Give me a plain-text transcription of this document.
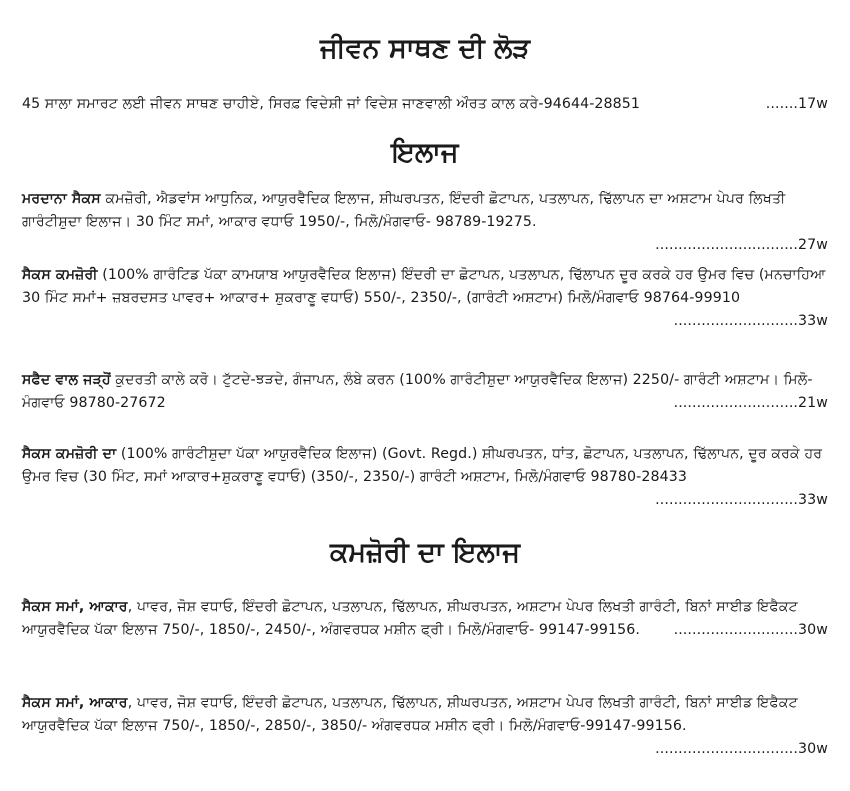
ਜੀਵਨ ਸਾਥਣ ਦੀ ਲੋੜ

45 ਸਾਲਾ ਸਮਾਰਟ ਲਈ ਜੀਵਨ ਸਾਥਣ ਚਾਹੀਏ, ਸਿਰਫ਼ ਵਿਦੇਸ਼ੀ ਜਾਂ ਵਿਦੇਸ਼ ਜਾਣਵਾਲੀ ਔਰਤ ਕਾਲ ਕਰੇ-94644-28851	.......17w

ਇਲਾਜ

ਮਰਦਾਨਾ ਸੈਕਸ ਕਮਜ਼ੋਰੀ, ਐਡਵਾਂਸ ਆਧੁਨਿਕ, ਆਯੁਰਵੈਦਿਕ ਇਲਾਜ, ਸ਼ੀਘਰਪਤਨ, ਇੰਦਰੀ ਛੋਟਾਪਨ, ਪਤਲਾਪਨ, ਢਿੱਲਾਪਨ ਦਾ ਅਸ਼ਟਾਮ ਪੇਪਰ ਲਿਖਤੀ ਗਾਰੰਟੀਸ਼ੁਦਾ ਇਲਾਜ। 30 ਮਿੰਟ ਸਮਾਂ, ਆਕਾਰ ਵਧਾਓ 1950/-, ਮਿਲੋ/ਮੰਗਵਾਓ- 98789-19275.
...............................27w

ਸੈਕਸ ਕਮਜ਼ੋਰੀ (100% ਗਾਰੰਟਿਡ ਪੱਕਾ ਕਾਮਯਾਬ ਆਯੁਰਵੈਦਿਕ ਇਲਾਜ) ਇੰਦਰੀ ਦਾ ਛੋਟਾਪਨ, ਪਤਲਾਪਨ, ਢਿੱਲਾਪਨ ਦੂਰ ਕਰਕੇ ਹਰ ਉਮਰ ਵਿਚ (ਮਨਚਾਹਿਆ 30 ਮਿੰਟ ਸਮਾਂ+ ਜ਼ਬਰਦਸਤ ਪਾਵਰ+ ਆਕਾਰ+ ਸ਼ੁਕਰਾਣੂ ਵਧਾਓ) 550/-, 2350/-, (ਗਾਰੰਟੀ ਅਸ਼ਟਾਮ) ਮਿਲੋ/ਮੰਗਵਾਓ 98764-99910
...........................33w

ਸਫੈਦ ਵਾਲ ਜੜ੍ਹੋਂ ਕੁਦਰਤੀ ਕਾਲੇ ਕਰੋ। ਟੁੱਟਦੇ-ਝੜਦੇ, ਗੰਜਾਪਨ, ਲੰਬੇ ਕਰਨ (100% ਗਾਰੰਟੀਸ਼ੁਦਾ ਆਯੁਰਵੈਦਿਕ ਇਲਾਜ) 2250/- ਗਾਰੰਟੀ ਅਸ਼ਟਾਮ। ਮਿਲੋ-ਮੰਗਵਾਓ 98780-27672	...........................21w

ਸੈਕਸ ਕਮਜ਼ੋਰੀ ਦਾ (100% ਗਾਰੰਟੀਸ਼ੁਦਾ ਪੱਕਾ ਆਯੁਰਵੈਦਿਕ ਇਲਾਜ) (Govt. Regd.) ਸ਼ੀਘਰਪਤਨ, ਧਾਂਤ, ਛੋਟਾਪਨ, ਪਤਲਾਪਨ, ਢਿੱਲਾਪਨ, ਦੂਰ ਕਰਕੇ ਹਰ ਉਮਰ ਵਿਚ (30 ਮਿੰਟ, ਸਮਾਂ ਆਕਾਰ+ਸ਼ੁਕਰਾਣੂ ਵਧਾਓ) (350/-, 2350/-) ਗਾਰੰਟੀ ਅਸ਼ਟਾਮ, ਮਿਲੋ/ਮੰਗਵਾਓ 98780-28433
...............................33w

ਕਮਜ਼ੋਰੀ ਦਾ ਇਲਾਜ

ਸੈਕਸ ਸਮਾਂ, ਆਕਾਰ, ਪਾਵਰ, ਜੋਸ਼ ਵਧਾਓ, ਇੰਦਰੀ ਛੋਟਾਪਨ, ਪਤਲਾਪਨ, ਢਿੱਲਾਪਨ, ਸ਼ੀਘਰਪਤਨ, ਅਸ਼ਟਾਮ ਪੇਪਰ ਲਿਖਤੀ ਗਾਰੰਟੀ, ਬਿਨਾਂ ਸਾਈਡ ਇਫੈਕਟ ਆਯੁਰਵੈਦਿਕ ਪੱਕਾ ਇਲਾਜ 750/-, 1850/-, 2450/-, ਅੰਗਵਰਧਕ ਮਸ਼ੀਨ ਫ੍ਰੀ। ਮਿਲੋ/ਮੰਗਵਾਓ- 99147-99156. ...........................30w

ਸੈਕਸ ਸਮਾਂ, ਆਕਾਰ, ਪਾਵਰ, ਜੋਸ਼ ਵਧਾਓ, ਇੰਦਰੀ ਛੋਟਾਪਨ, ਪਤਲਾਪਨ, ਢਿੱਲਾਪਨ, ਸ਼ੀਘਰਪਤਨ, ਅਸ਼ਟਾਮ ਪੇਪਰ ਲਿਖਤੀ ਗਾਰੰਟੀ, ਬਿਨਾਂ ਸਾਈਡ ਇਫੈਕਟ ਆਯੁਰਵੈਦਿਕ ਪੱਕਾ ਇਲਾਜ 750/-, 1850/-, 2850/-, 3850/- ਅੰਗਵਰਧਕ ਮਸ਼ੀਨ ਫ੍ਰੀ। ਮਿਲੋ/ਮੰਗਵਾਓ-99147-99156.
...............................30w
